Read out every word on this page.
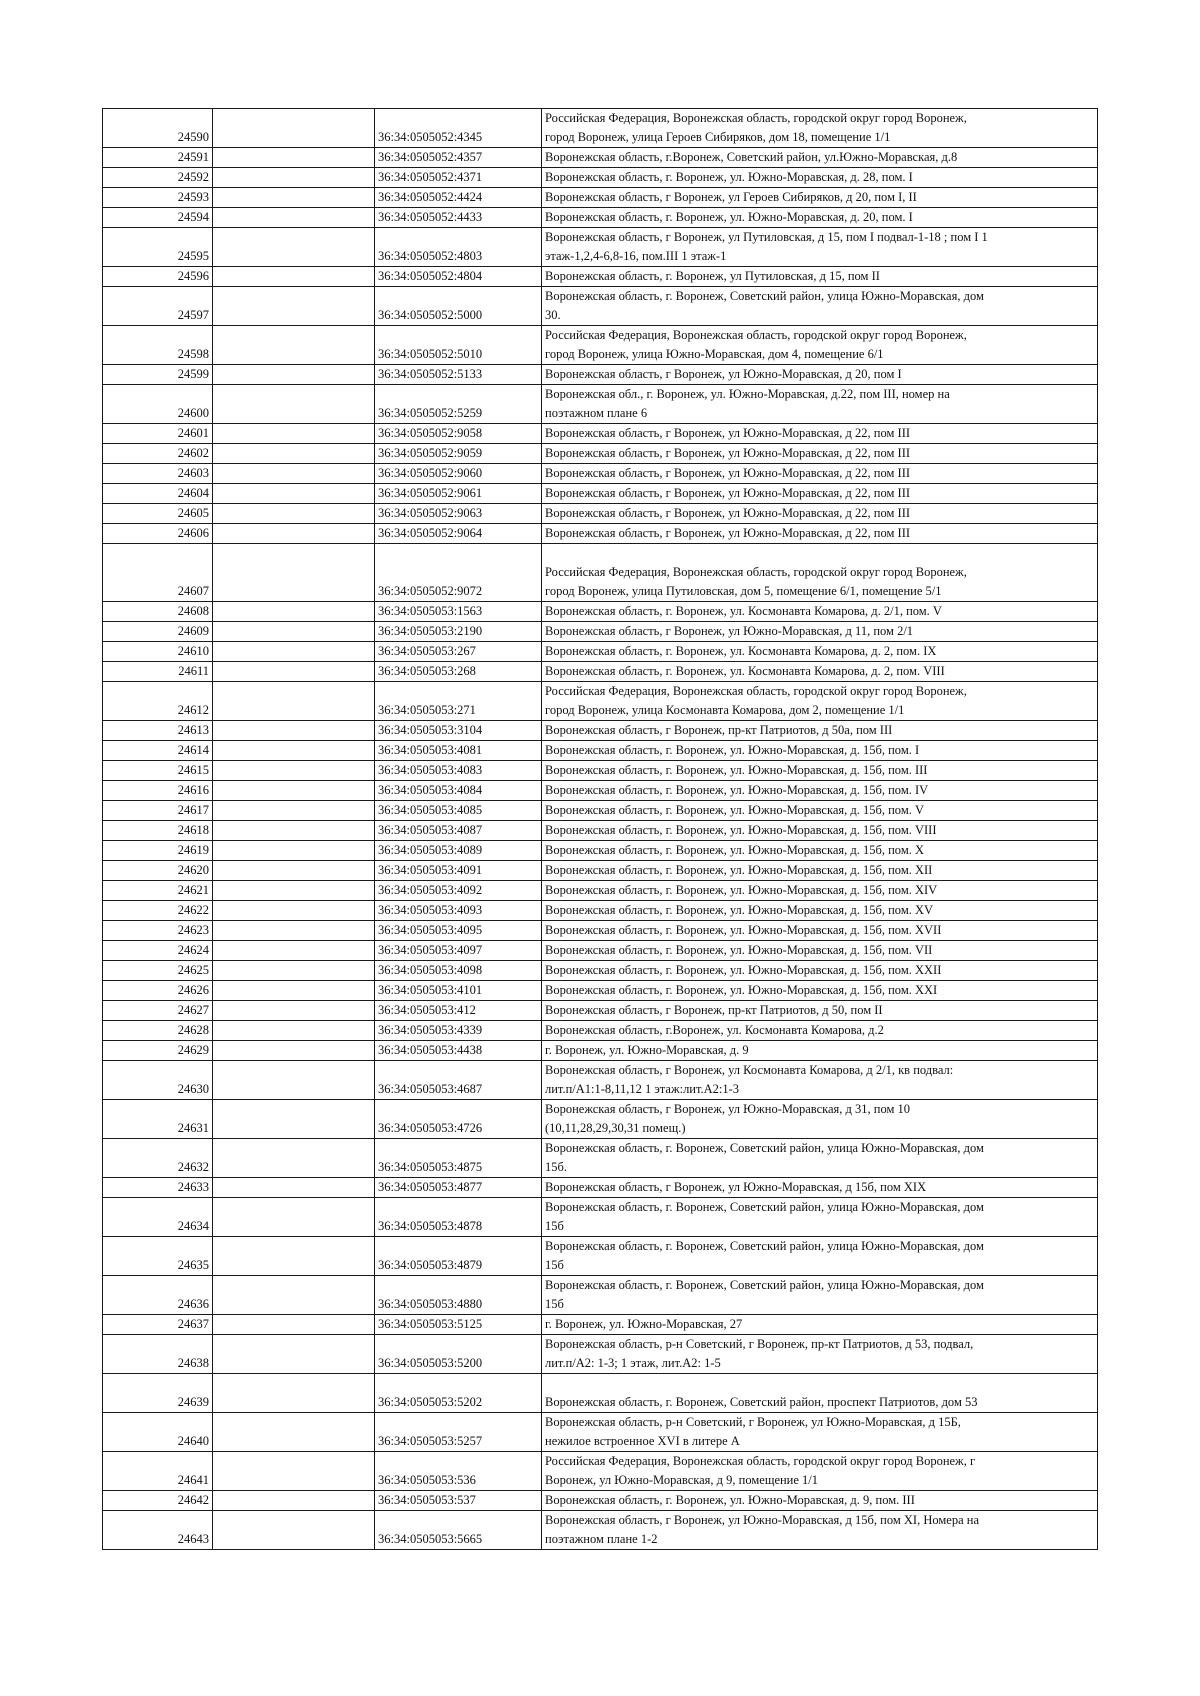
24590		36:34:0505052:4345	Российская Федерация, Воронежская область, городской округ город Воронеж,
город Воронеж, улица Героев Сибиряков, дом 18, помещение 1/1

24591		36:34:0505052:4357	Воронежская область, г.Воронеж, Советский район, ул.Южно-Моравская, д.8

24592		36:34:0505052:4371	Воронежская область, г. Воронеж, ул. Южно-Моравская, д. 28, пом. I

24593		36:34:0505052:4424	Воронежская область, г Воронеж, ул Героев Сибиряков, д 20, пом I, II

24594		36:34:0505052:4433	Воронежская область, г. Воронеж, ул. Южно-Моравская, д. 20, пом. I

24595		36:34:0505052:4803	Воронежская область, г Воронеж, ул Путиловская, д 15, пом I подвал-1-18 ; пом I 1
этаж-1,2,4-6,8-16, пом.III 1 этаж-1

24596		36:34:0505052:4804	Воронежская область, г. Воронеж, ул Путиловская, д 15, пом II

24597		36:34:0505052:5000	Воронежская область, г. Воронеж, Советский район, улица Южно-Моравская, дом
30.

24598		36:34:0505052:5010	Российская Федерация, Воронежская область, городской округ город Воронеж,
город Воронеж, улица Южно-Моравская, дом 4, помещение 6/1

24599		36:34:0505052:5133	Воронежская область, г Воронеж, ул Южно-Моравская, д 20, пом I

24600		36:34:0505052:5259	Воронежская обл., г. Воронеж, ул. Южно-Моравская, д.22, пом III, номер на
поэтажном плане 6

24601		36:34:0505052:9058	Воронежская область, г Воронеж, ул Южно-Моравская, д 22, пом III

24602		36:34:0505052:9059	Воронежская область, г Воронеж, ул Южно-Моравская, д 22, пом III

24603		36:34:0505052:9060	Воронежская область, г Воронеж, ул Южно-Моравская, д 22, пом III

24604		36:34:0505052:9061	Воронежская область, г Воронеж, ул Южно-Моравская, д 22, пом III

24605		36:34:0505052:9063	Воронежская область, г Воронеж, ул Южно-Моравская, д 22, пом III

24606		36:34:0505052:9064	Воронежская область, г Воронеж, ул Южно-Моравская, д 22, пом III

24607		36:34:0505052:9072	Российская Федерация, Воронежская область, городской округ город Воронеж,
город Воронеж, улица Путиловская, дом 5, помещение 6/1, помещение 5/1

24608		36:34:0505053:1563	Воронежская область, г. Воронеж, ул. Космонавта Комарова, д. 2/1, пом. V

24609		36:34:0505053:2190	Воронежская область, г Воронеж, ул Южно-Моравская, д 11, пом 2/1

24610		36:34:0505053:267	Воронежская область, г. Воронеж, ул. Космонавта Комарова, д. 2, пом. IX

24611		36:34:0505053:268	Воронежская область, г. Воронеж, ул. Космонавта Комарова, д. 2, пом. VIII

24612		36:34:0505053:271	Российская Федерация, Воронежская область, городской округ город Воронеж,
город Воронеж, улица Космонавта Комарова, дом 2, помещение 1/1

24613		36:34:0505053:3104	Воронежская область, г Воронеж, пр-кт Патриотов, д 50а, пом III

24614		36:34:0505053:4081	Воронежская область, г. Воронеж, ул. Южно-Моравская, д. 15б, пом. I

24615		36:34:0505053:4083	Воронежская область, г. Воронеж, ул. Южно-Моравская, д. 15б, пом. III

24616		36:34:0505053:4084	Воронежская область, г. Воронеж, ул. Южно-Моравская, д. 15б, пом. IV

24617		36:34:0505053:4085	Воронежская область, г. Воронеж, ул. Южно-Моравская, д. 15б, пом. V

24618		36:34:0505053:4087	Воронежская область, г. Воронеж, ул. Южно-Моравская, д. 15б, пом. VIII

24619		36:34:0505053:4089	Воронежская область, г. Воронеж, ул. Южно-Моравская, д. 15б, пом. X

24620		36:34:0505053:4091	Воронежская область, г. Воронеж, ул. Южно-Моравская, д. 15б, пом. XII

24621		36:34:0505053:4092	Воронежская область, г. Воронеж, ул. Южно-Моравская, д. 15б, пом. XIV

24622		36:34:0505053:4093	Воронежская область, г. Воронеж, ул. Южно-Моравская, д. 15б, пом. XV

24623		36:34:0505053:4095	Воронежская область, г. Воронеж, ул. Южно-Моравская, д. 15б, пом. XVII

24624		36:34:0505053:4097	Воронежская область, г. Воронеж, ул. Южно-Моравская, д. 15б, пом. VII

24625		36:34:0505053:4098	Воронежская область, г. Воронеж, ул. Южно-Моравская, д. 15б, пом. XXII

24626		36:34:0505053:4101	Воронежская область, г. Воронеж, ул. Южно-Моравская, д. 15б, пом. XXI

24627		36:34:0505053:412	Воронежская область, г Воронеж, пр-кт Патриотов, д 50, пом II

24628		36:34:0505053:4339	Воронежская область, г.Воронеж, ул. Космонавта Комарова, д.2

24629		36:34:0505053:4438	г. Воронеж, ул. Южно-Моравская, д. 9

24630		36:34:0505053:4687	Воронежская область, г Воронеж, ул Космонавта Комарова, д 2/1, кв подвал:
лит.п/А1:1-8,11,12 1 этаж:лит.А2:1-3

24631		36:34:0505053:4726	Воронежская область, г Воронеж, ул Южно-Моравская, д 31, пом 10
(10,11,28,29,30,31 помещ.)

24632		36:34:0505053:4875	Воронежская область, г. Воронеж, Советский район, улица Южно-Моравская, дом
15б.

24633		36:34:0505053:4877	Воронежская область, г Воронеж, ул Южно-Моравская, д 15б, пом XIX

24634		36:34:0505053:4878	Воронежская область, г. Воронеж, Советский район, улица Южно-Моравская, дом
15б

24635		36:34:0505053:4879	Воронежская область, г. Воронеж, Советский район, улица Южно-Моравская, дом
15б

24636		36:34:0505053:4880	Воронежская область, г. Воронеж, Советский район, улица Южно-Моравская, дом
15б

24637		36:34:0505053:5125	г. Воронеж, ул. Южно-Моравская, 27

24638		36:34:0505053:5200	Воронежская область, р-н Советский, г Воронеж, пр-кт Патриотов, д 53, подвал,
лит.п/А2: 1-3; 1 этаж, лит.А2: 1-5

24639		36:34:0505053:5202	Воронежская область, г. Воронеж, Советский район, проспект Патриотов, дом 53

24640		36:34:0505053:5257	Воронежская область, р-н Советский, г Воронеж, ул Южно-Моравская, д 15Б,
нежилое встроенное XVI в литере А

24641		36:34:0505053:536	Российская Федерация, Воронежская область, городской округ город Воронеж, г
Воронеж, ул Южно-Моравская, д 9, помещение 1/1

24642		36:34:0505053:537	Воронежская область, г. Воронеж, ул. Южно-Моравская, д. 9, пом. III

24643		36:34:0505053:5665	Воронежская область, г Воронеж, ул Южно-Моравская, д 15б, пом XI, Номера на
поэтажном плане 1-2
